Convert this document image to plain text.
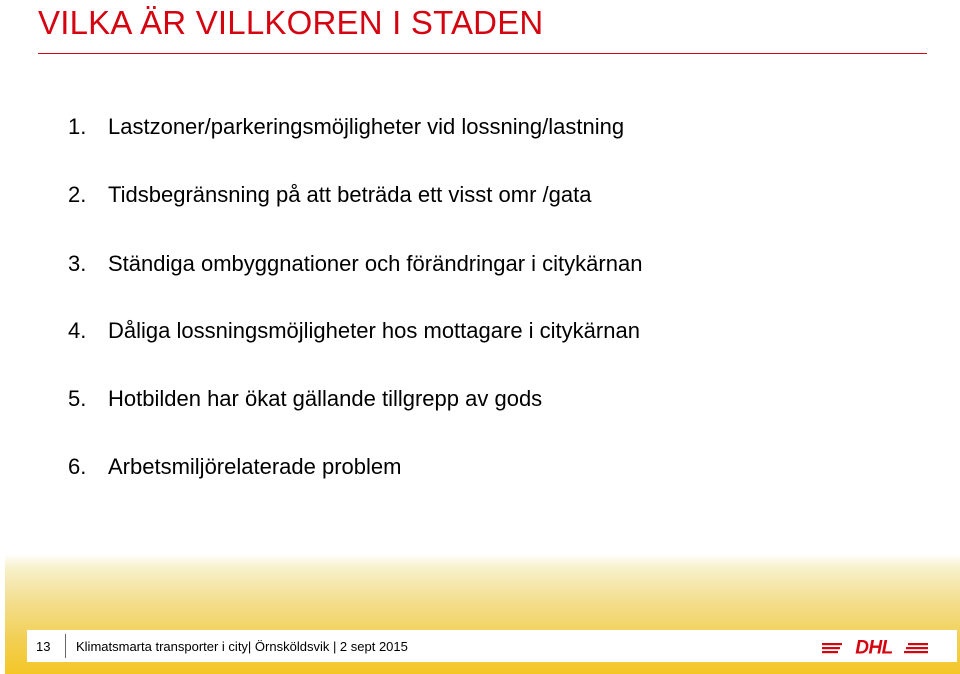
VILKA ÄR VILLKOREN I STADEN
1. Lastzoner/parkeringsmöjligheter vid lossning/lastning
2. Tidsbegränsning på att beträda ett visst omr /gata
3. Ständiga ombyggnationer och förändringar i citykärnan
4. Dåliga lossningsmöjligheter hos mottagare i citykärnan
5. Hotbilden har ökat gällande tillgrepp av gods
6. Arbetsmiljörelaterade problem
13 Klimatsmarta transporter i city| Örnsköldsvik | 2 sept 2015	DHL
